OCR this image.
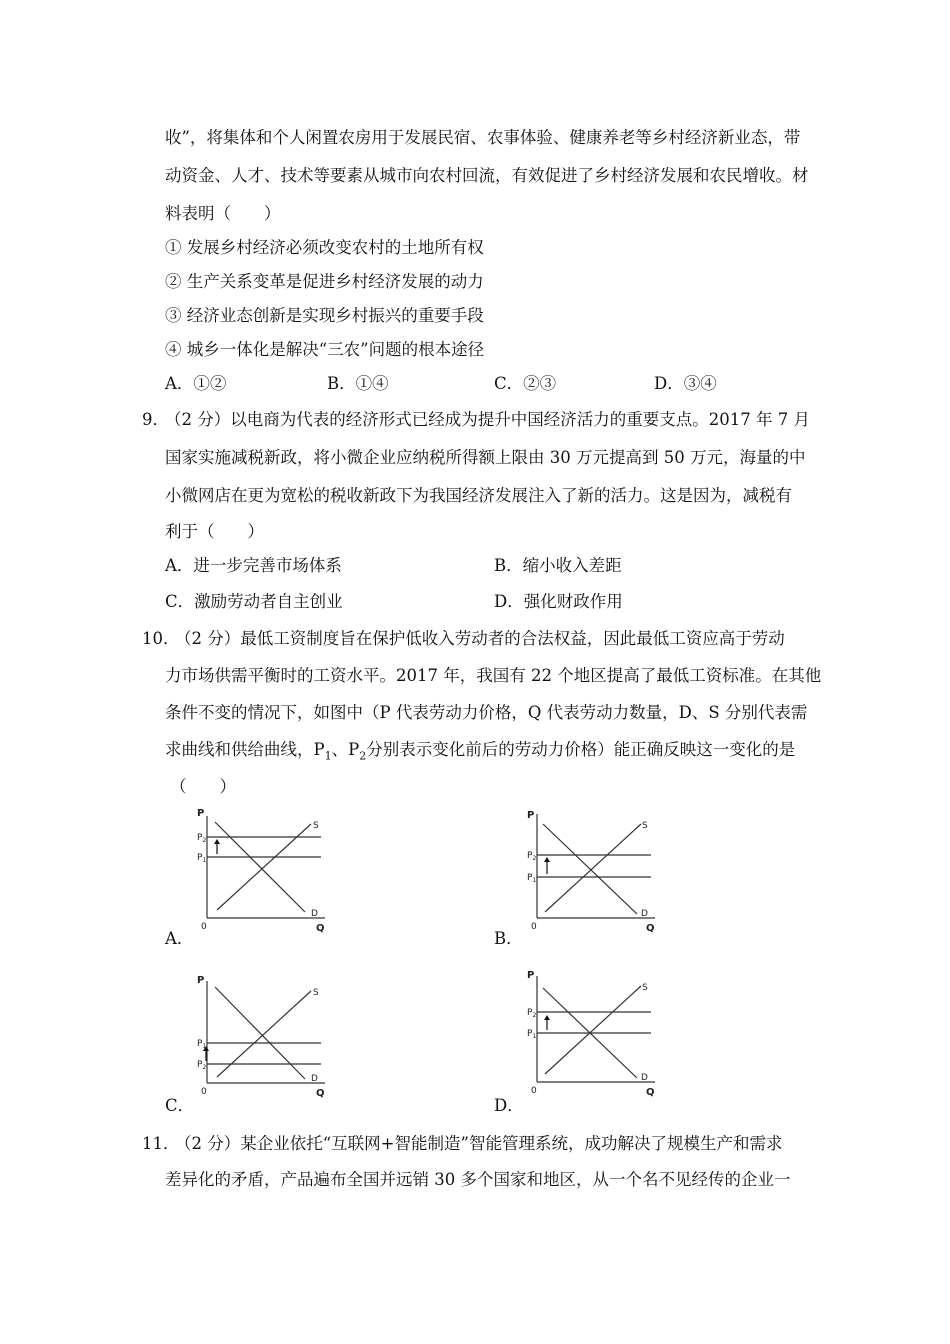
收”，将集体和个人闲置农房用于发展民宿、农事体验、健康养老等乡村经济新业态，带
动资金、人才、技术等要素从城市向农村回流，有效促进了乡村经济发展和农民增收。材
料表明（　　）
① 发展乡村经济必须改变农村的土地所有权
② 生产关系变革是促进乡村经济发展的动力
③ 经济业态创新是实现乡村振兴的重要手段
④ 城乡一体化是解决“三农”问题的根本途径
A．①②	B．①④	C．②③	D．③④
9．
（2 分）以电商为代表的经济形式已经成为提升中国经济活力的重要支点。2017 年 7 月
国家实施减税新政，将小微企业应纳税所得额上限由 30 万元提高到 50 万元，海量的中
小微网店在更为宽松的税收新政下为我国经济发展注入了新的活力。这是因为，减税有
利于（　　）
A．进一步完善市场体系	B．缩小收入差距
C．激励劳动者自主创业	D．强化财政作用
10．
（2 分）最低工资制度旨在保护低收入劳动者的合法权益，因此最低工资应高于劳动
力市场供需平衡时的工资水平。2017 年，我国有 22 个地区提高了最低工资标准。在其他
条件不变的情况下，如图中（P 代表劳动力价格，Q 代表劳动力数量，D、S 分别代表需
求曲线和供给曲线，$P_1$、$P_2$分别表示变化前后的劳动力价格）能正确反映这一变化的是
（　　）
P
$P_2$
$P_1$
S
D
0	Q
A．
P
$P_2$
$P_1$
S
D
0	Q
B．
P
$P_1$
$P_2$
S
D
0	Q
C．
P
$P_2$
$P_1$
S
D
0	Q
D．
11．
（2 分）某企业依托“互联网+智能制造”智能管理系统，成功解决了规模生产和需求
差异化的矛盾，产品遍布全国并远销 30 多个国家和地区，从一个名不见经传的企业一
